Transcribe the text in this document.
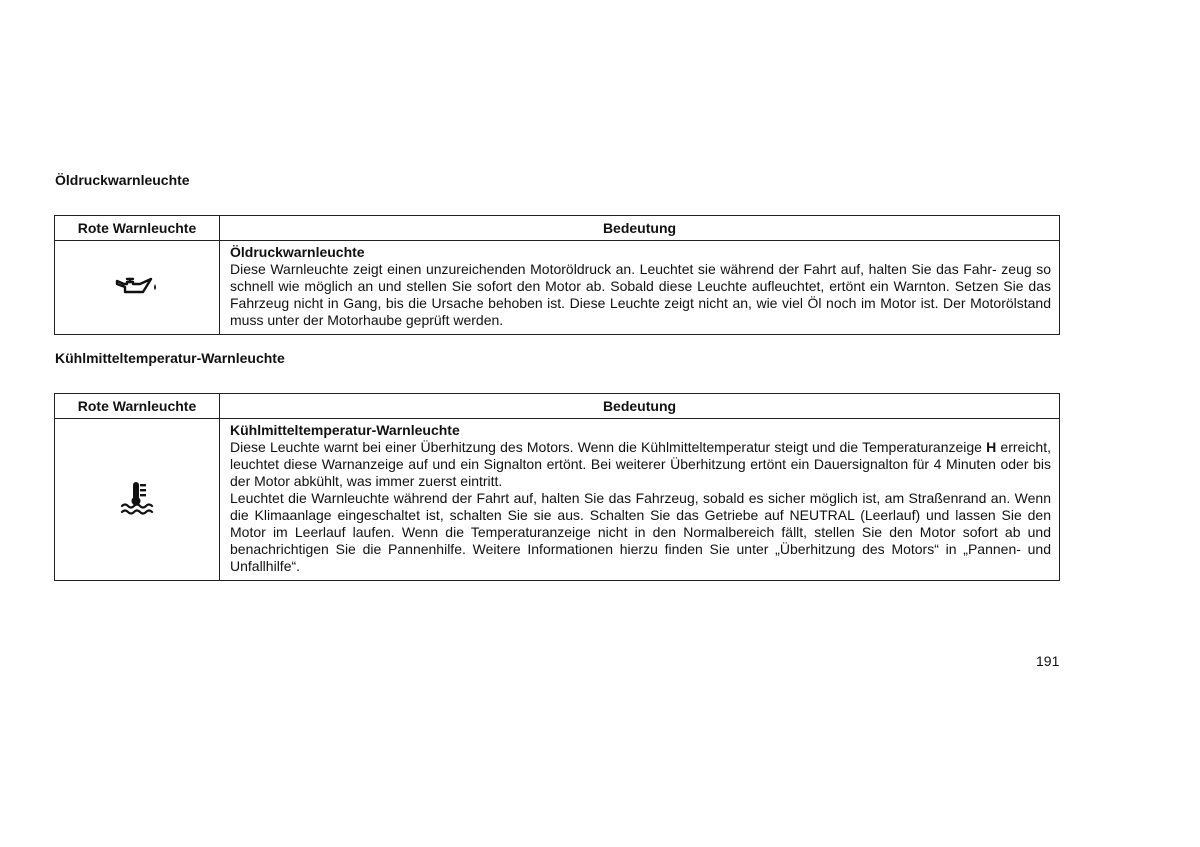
Öldruckwarnleuchte
Rote Warnleuchte	Bedeutung

Öldruckwarnleuchte
Diese Warnleuchte zeigt einen unzureichenden Motoröldruck an. Leuchtet sie während der Fahrt auf, halten Sie das Fahr- zeug so schnell wie möglich an und stellen Sie sofort den Motor ab. Sobald diese Leuchte aufleuchtet, ertönt ein Warnton. Setzen Sie das Fahrzeug nicht in Gang, bis die Ursache behoben ist. Diese Leuchte zeigt nicht an, wie viel Öl noch im Motor ist. Der Motorölstand muss unter der Motorhaube geprüft werden.
Kühlmitteltemperatur-Warnleuchte
Rote Warnleuchte	Bedeutung

Kühlmitteltemperatur-Warnleuchte
Diese Leuchte warnt bei einer Überhitzung des Motors. Wenn die Kühlmitteltemperatur steigt und die Temperaturanzeige H erreicht, leuchtet diese Warnanzeige auf und ein Signalton ertönt. Bei weiterer Überhitzung ertönt ein Dauersignalton für 4 Minuten oder bis der Motor abkühlt, was immer zuerst eintritt.
Leuchtet die Warnleuchte während der Fahrt auf, halten Sie das Fahrzeug, sobald es sicher möglich ist, am Straßenrand an. Wenn die Klimaanlage eingeschaltet ist, schalten Sie sie aus. Schalten Sie das Getriebe auf NEUTRAL (Leerlauf) und lassen Sie den Motor im Leerlauf laufen. Wenn die Temperaturanzeige nicht in den Normalbereich fällt, stellen Sie den Motor sofort ab und benachrichtigen Sie die Pannenhilfe. Weitere Informationen hierzu finden Sie unter „Überhitzung des Motors“ in „Pannen- und Unfallhilfe“.
191
